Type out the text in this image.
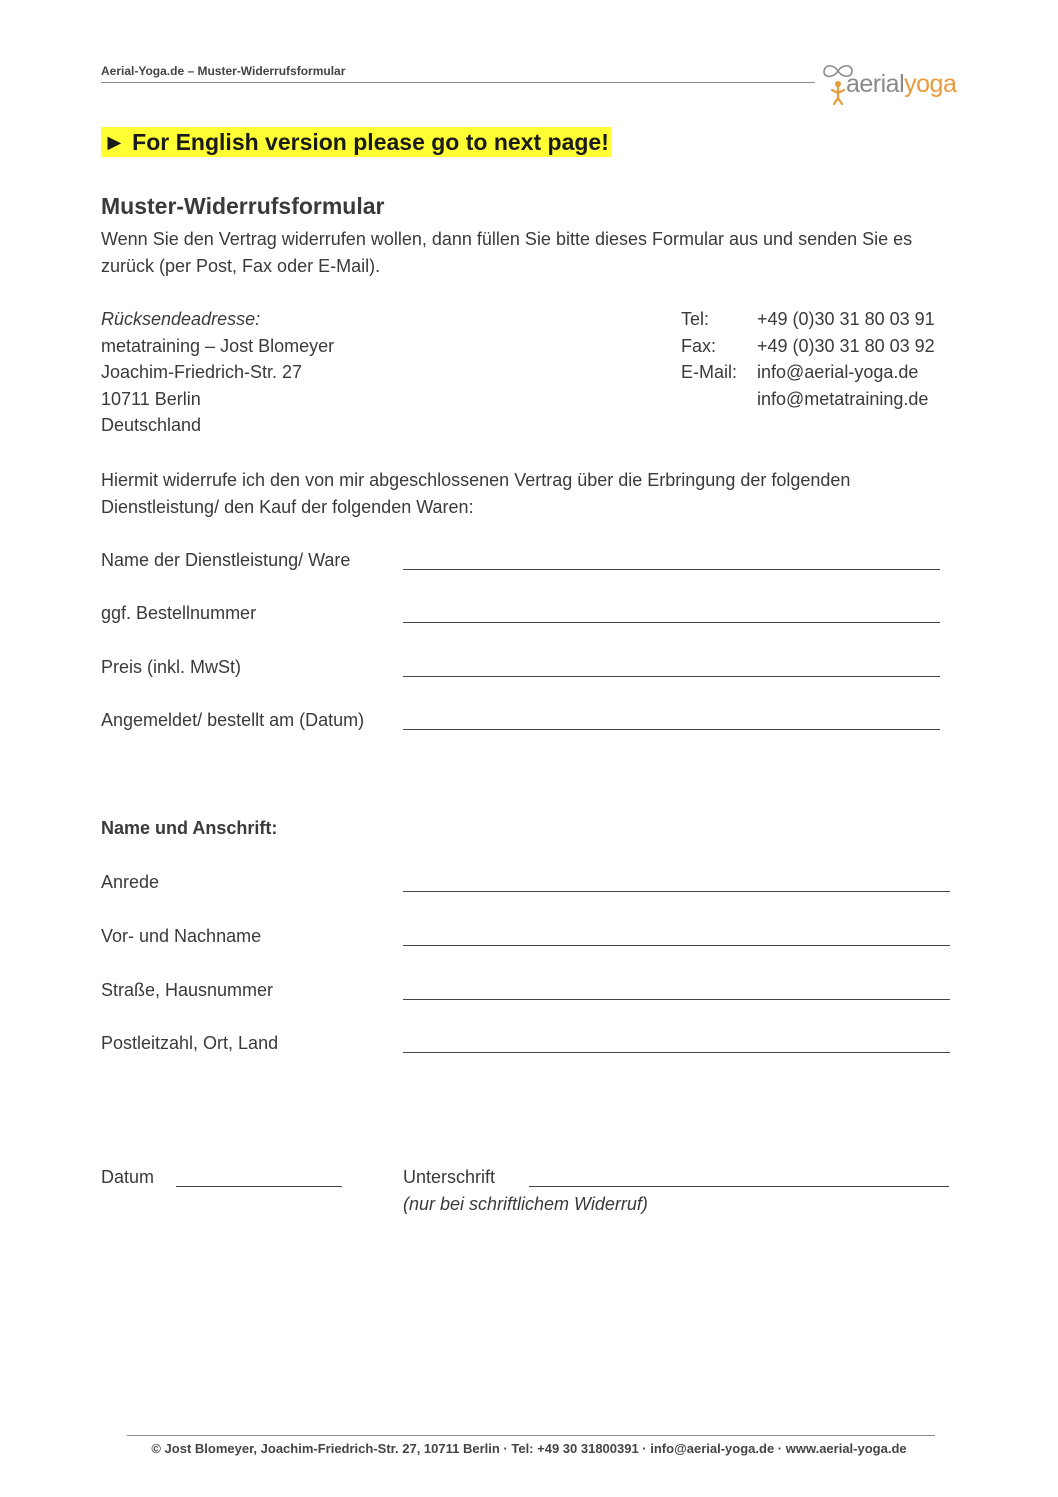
Aerial-Yoga.de – Muster-Widerrufsformular	aerialyoga
► For English version please go to next page!
Muster-Widerrufsformular
Wenn Sie den Vertrag widerrufen wollen, dann füllen Sie bitte dieses Formular aus und senden Sie es zurück (per Post, Fax oder E-Mail).
Rücksendeadresse:
metatraining – Jost Blomeyer
Joachim-Friedrich-Str. 27
10711 Berlin
Deutschland
Tel:
Fax:
E-Mail:
+49 (0)30 31 80 03 91
+49 (0)30 31 80 03 92
info@aerial-yoga.de
info@metatraining.de
Hiermit widerrufe ich den von mir abgeschlossenen Vertrag über die Erbringung der folgenden Dienstleistung/ den Kauf der folgenden Waren:
Name der Dienstleistung/ Ware
ggf. Bestellnummer
Preis (inkl. MwSt)
Angemeldet/ bestellt am (Datum)
Name und Anschrift:
Anrede
Vor- und Nachname
Straße, Hausnummer
Postleitzahl, Ort, Land
Datum	Unterschrift
(nur bei schriftlichem Widerruf)
© Jost Blomeyer, Joachim-Friedrich-Str. 27, 10711 Berlin · Tel: +49 30 31800391 · info@aerial-yoga.de · www.aerial-yoga.de
